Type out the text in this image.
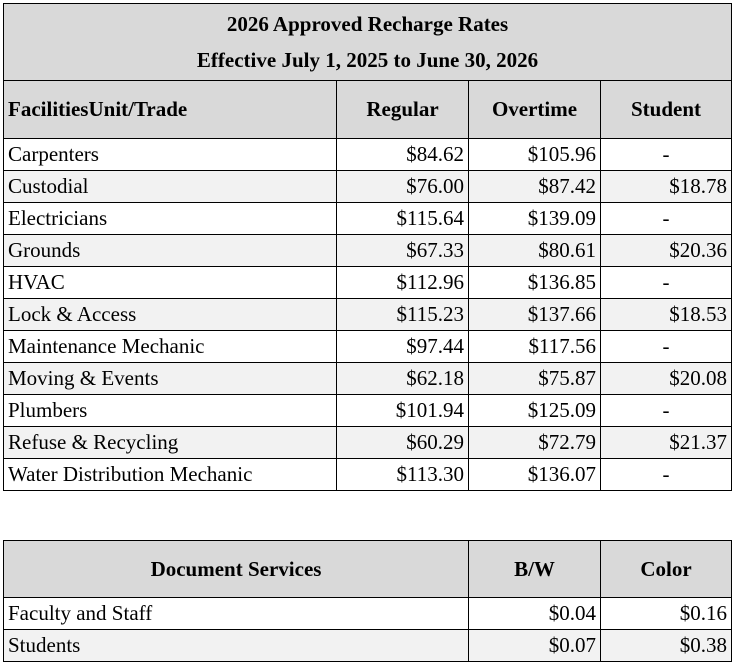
2026 Approved Recharge Rates
Effective July 1, 2025 to June 30, 2026			

FacilitiesUnit/Trade	Regular	Overtime	Student
Carpenters	$84.62	$105.96	-
Custodial	$76.00	$87.42	$18.78
Electricians	$115.64	$139.09	-
Grounds	$67.33	$80.61	$20.36
HVAC	$112.96	$136.85	-
Lock & Access	$115.23	$137.66	$18.53
Maintenance Mechanic	$97.44	$117.56	-
Moving & Events	$62.18	$75.87	$20.08
Plumbers	$101.94	$125.09	-
Refuse & Recycling	$60.29	$72.79	$21.37
Water Distribution Mechanic	$113.30	$136.07	-
Document Services	B/W	Color
Faculty and Staff	$0.04	$0.16
Students	$0.07	$0.38
